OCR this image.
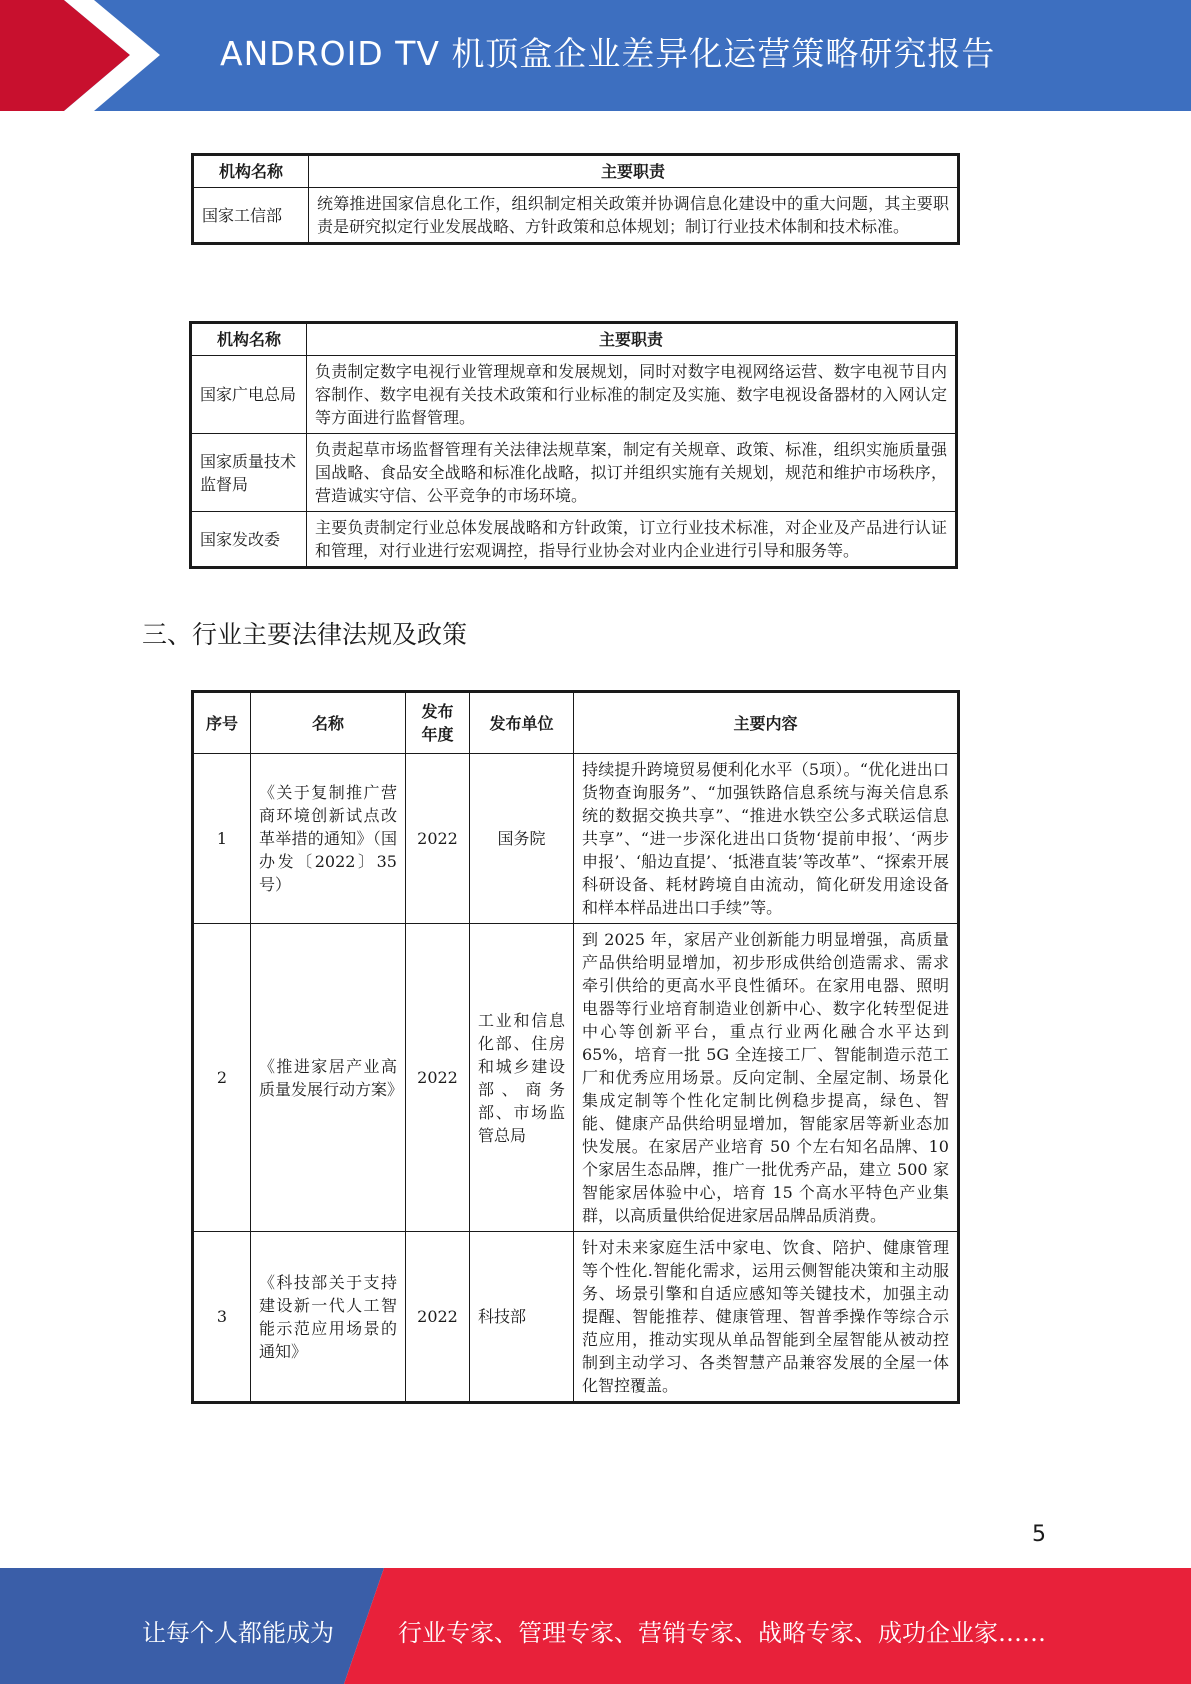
ANDROID TV 机顶盒企业差异化运营策略研究报告
机构名称	主要职责
国家工信部	统筹推进国家信息化工作，组织制定相关政策并协调信息化建设中的重大问题，其主要职责是研究拟定行业发展战略、方针政策和总体规划；制订行业技术体制和技术标准。
机构名称	主要职责
国家广电总局	负责制定数字电视行业管理规章和发展规划，同时对数字电视网络运营、数字电视节目内容制作、数字电视有关技术政策和行业标准的制定及实施、数字电视设备器材的入网认定等方面进行监督管理。
国家质量技术监督局	负责起草市场监督管理有关法律法规草案，制定有关规章、政策、标准，组织实施质量强国战略、食品安全战略和标准化战略，拟订并组织实施有关规划，规范和维护市场秩序，营造诚实守信、公平竞争的市场环境。
国家发改委	主要负责制定行业总体发展战略和方针政策，订立行业技术标准，对企业及产品进行认证和管理，对行业进行宏观调控，指导行业协会对业内企业进行引导和服务等。
三、行业主要法律法规及政策
序号	名称	发布年度	发布单位	主要内容
1	《关于复制推广营商环境创新试点改革举措的通知》（国办发〔2022〕35号）	2022	国务院	持续提升跨境贸易便利化水平（5项）。“优化进出口货物查询服务”、“加强铁路信息系统与海关信息系统的数据交换共享”、“推进水铁空公多式联运信息共享”、“进一步深化进出口货物‘提前申报’、‘两步申报’、‘船边直提’、‘抵港直装’等改革”、“探索开展科研设备、耗材跨境自由流动，简化研发用途设备和样本样品进出口手续”等。
2	《推进家居产业高质量发展行动方案》	2022	工业和信息化部、住房和城乡建设部、商务部、市场监管总局	到 2025 年，家居产业创新能力明显增强，高质量产品供给明显增加，初步形成供给创造需求、需求牵引供给的更高水平良性循环。在家用电器、照明电器等行业培育制造业创新中心、数字化转型促进中心等创新平台，重点行业两化融合水平达到 65%，培育一批 5G 全连接工厂、智能制造示范工厂和优秀应用场景。反向定制、全屋定制、场景化集成定制等个性化定制比例稳步提高，绿色、智能、健康产品供给明显增加，智能家居等新业态加快发展。在家居产业培育 50 个左右知名品牌、10 个家居生态品牌，推广一批优秀产品，建立 500 家智能家居体验中心，培育 15 个高水平特色产业集群，以高质量供给促进家居品牌品质消费。
3	《科技部关于支持建设新一代人工智能示范应用场景的通知》	2022	科技部	针对未来家庭生活中家电、饮食、陪护、健康管理等个性化.智能化需求，运用云侧智能决策和主动服务、场景引擎和自适应感知等关键技术，加强主动提醒、智能推荐、健康管理、智普季操作等综合示范应用，推动实现从单品智能到全屋智能从被动控制到主动学习、各类智慧产品兼容发展的全屋一体化智控覆盖。
5
让每个人都能成为	行业专家、管理专家、营销专家、战略专家、成功企业家……
